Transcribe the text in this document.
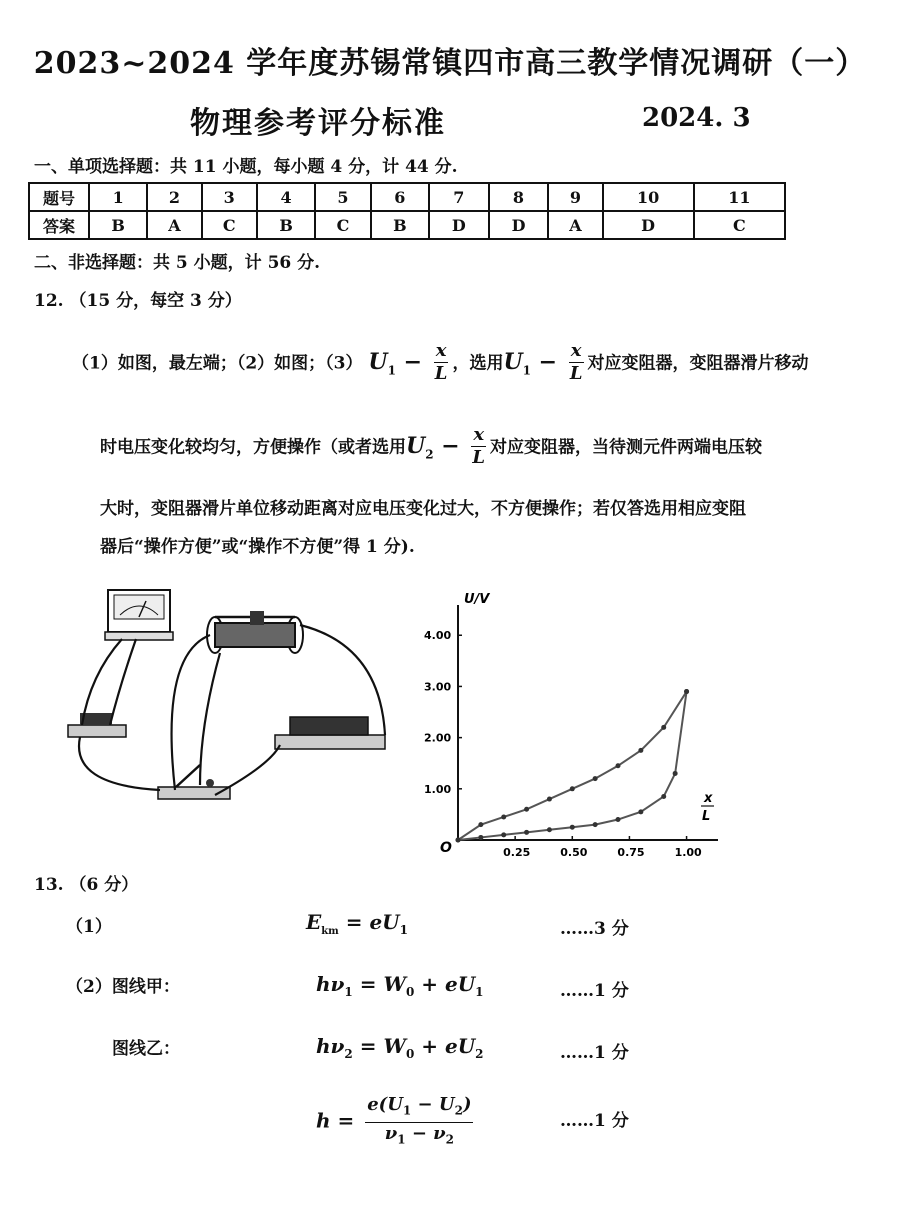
2023~2024 学年度苏锡常镇四市高三教学情况调研（一）
物理参考评分标准	2024. 3
一、单项选择题：共 11 小题，每小题 4 分，计 44 分.
题号	1	2	3	4	5	6	7	8	9	10	11
答案	B	A	C	B	C	B	D	D	A	D	C
二、非选择题：共 5 小题，计 56 分.
12. （15 分，每空 3 分）
（1）如图，最左端；（2）如图；（3） $U_1 - \frac{x}{L}$ ，选用$U_1 - \frac{x}{L}$ 对应变阻器，变阻器滑片移动
时电压变化较均匀，方便操作（或者选用$U_2 - \frac{x}{L}$ 对应变阻器，当待测元件两端电压较
大时，变阻器滑片单位移动距离对应电压变化过大，不方便操作；若仅答选用相应变阻
器后“操作方便”或“操作不方便”得 1 分).
1.00
2.00
3.00
4.00
0.25	0.50	0.75	1.00
U/V
x
L
O
13. （6 分）
（1）	$E_{km} = eU_1$	……3 分
（2）图线甲：	$h\nu_1 = W_0 + eU_1$	……1 分
图线乙：	$h\nu_2 = W_0 + eU_2$	……1 分
$h = \frac{e(U_1 - U_2)}{\nu_1 - \nu_2}$	……1 分
